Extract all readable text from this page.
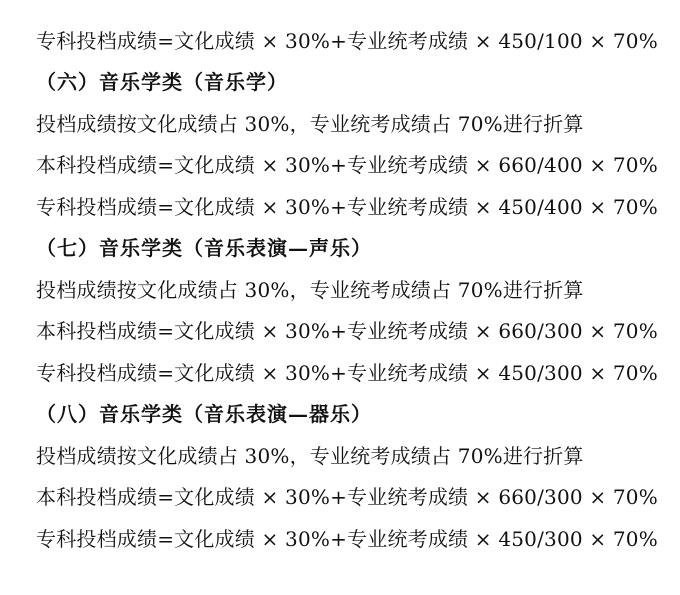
专科投档成绩=文化成绩 × 30%+专业统考成绩 × 450/100 × 70%
（六）音乐学类（音乐学）
投档成绩按文化成绩占 30%，专业统考成绩占 70%进行折算
本科投档成绩=文化成绩 × 30%+专业统考成绩 × 660/400 × 70%
专科投档成绩=文化成绩 × 30%+专业统考成绩 × 450/400 × 70%
（七）音乐学类（音乐表演—声乐）
投档成绩按文化成绩占 30%，专业统考成绩占 70%进行折算
本科投档成绩=文化成绩 × 30%+专业统考成绩 × 660/300 × 70%
专科投档成绩=文化成绩 × 30%+专业统考成绩 × 450/300 × 70%
（八）音乐学类（音乐表演—器乐）
投档成绩按文化成绩占 30%，专业统考成绩占 70%进行折算
本科投档成绩=文化成绩 × 30%+专业统考成绩 × 660/300 × 70%
专科投档成绩=文化成绩 × 30%+专业统考成绩 × 450/300 × 70%
